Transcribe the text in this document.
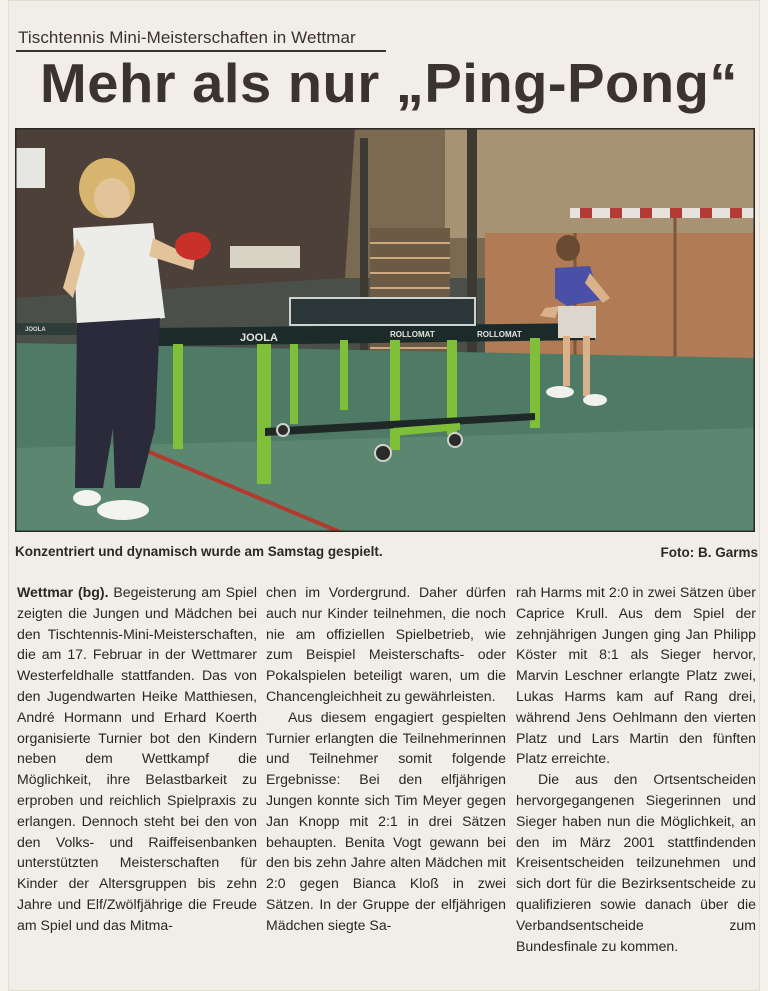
Tischtennis Mini-Meisterschaften in Wettmar
Mehr als nur „Ping-Pong“
JOOLA	ROLLOMAT	ROLLOMAT
JOOLA
Konzentriert und dynamisch wurde am Samstag gespielt.	Foto: B. Garms

Wettmar (bg). Begeisterung am Spiel zeigten die Jungen und Mädchen bei den Tischtennis-Mini-Meisterschaften, die am 17. Februar in der Wettmarer Westerfeldhalle stattfanden. Das von den Jugendwarten Heike Matthiesen, André Hormann und Erhard Koerth organisierte Turnier bot den Kindern neben dem Wettkampf die Möglichkeit, ihre Belastbarkeit zu erproben und reichlich Spielpraxis zu erlangen. Dennoch steht bei den von den Volks- und Raiffeisenbanken unterstützten Meisterschaften für Kinder der Altersgruppen bis zehn Jahre und Elf/Zwölfjährige die Freude am Spiel und das Mitma-

chen im Vordergrund. Daher dürfen auch nur Kinder teilnehmen, die noch nie am offiziellen Spielbetrieb, wie zum Beispiel Meisterschafts- oder Pokalspielen beteiligt waren, um die Chancengleichheit zu gewährleisten.

Aus diesem engagiert gespielten Turnier erlangten die Teilnehmerinnen und Teilnehmer somit folgende Ergebnisse: Bei den elfjährigen Jungen konnte sich Tim Meyer gegen Jan Knopp mit 2:1 in drei Sätzen behaupten. Benita Vogt gewann bei den bis zehn Jahre alten Mädchen mit 2:0 gegen Bianca Kloß in zwei Sätzen. In der Gruppe der elfjährigen Mädchen siegte Sa-

rah Harms mit 2:0 in zwei Sätzen über Caprice Krull. Aus dem Spiel der zehnjährigen Jungen ging Jan Philipp Köster mit 8:1 als Sieger hervor, Marvin Leschner erlangte Platz zwei, Lukas Harms kam auf Rang drei, während Jens Oehlmann den vierten Platz und Lars Martin den fünften Platz erreichte.

Die aus den Ortsentscheiden hervorgegangenen Siegerinnen und Sieger haben nun die Möglichkeit, an den im März 2001 stattfindenden Kreisentscheiden teilzunehmen und sich dort für die Bezirksentscheide zu qualifizieren sowie danach über die Verbandsentscheide zum Bundesfinale zu kommen.
